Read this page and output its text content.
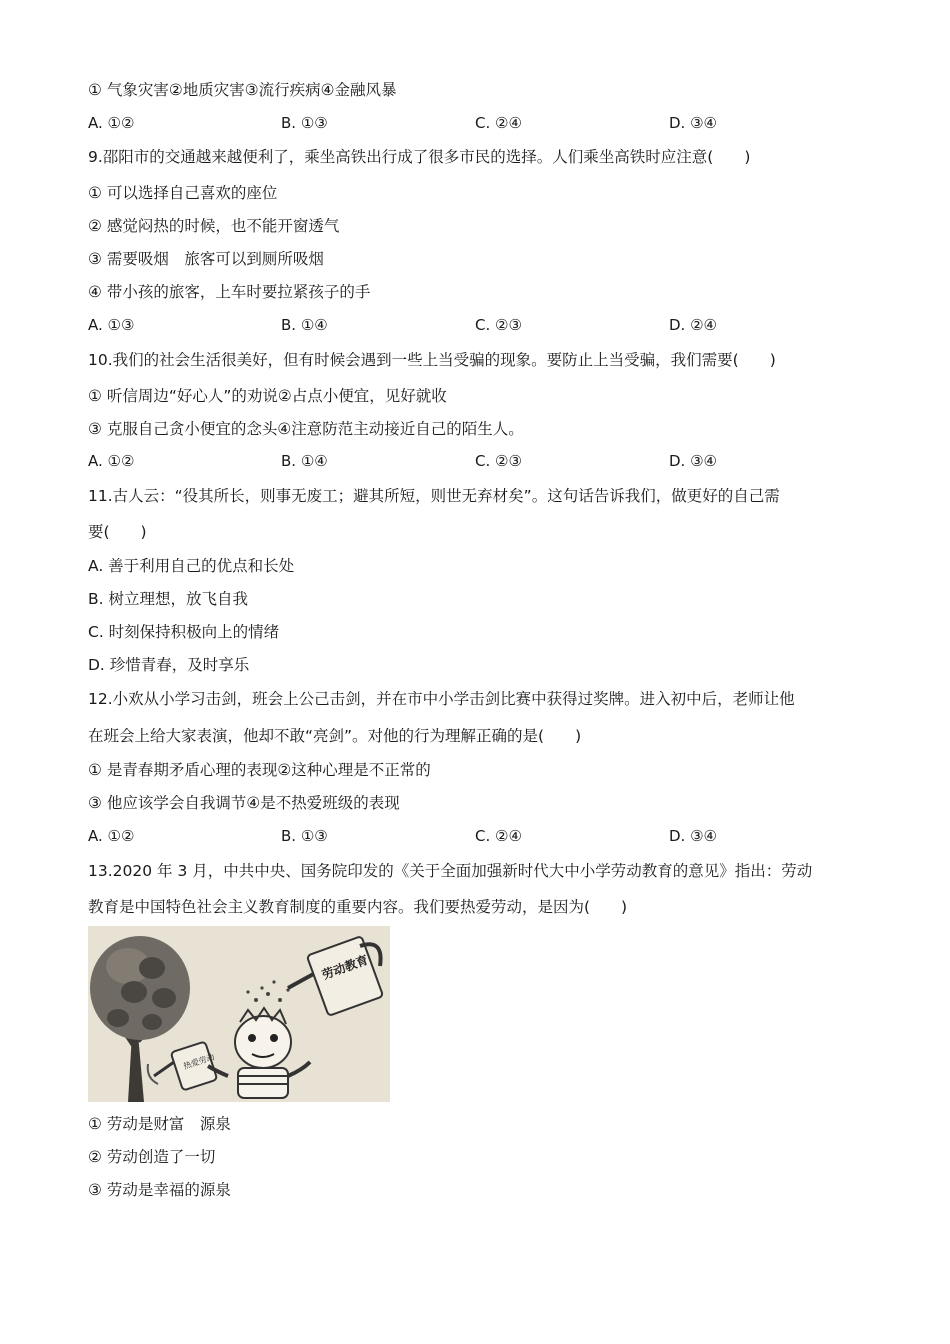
① 气象灾害②地质灾害③流行疾病④金融风暴
A. ①②	B. ①③	C. ②④	D. ③④
9.邵阳市的交通越来越便利了，乘坐高铁出行成了很多市民的选择。人们乘坐高铁时应注意(　　)
① 可以选择自己喜欢的座位
② 感觉闷热的时候，也不能开窗透气
③ 需要吸烟　旅客可以到厕所吸烟
④ 带小孩的旅客，上车时要拉紧孩子的手
A. ①③	B. ①④	C. ②③	D. ②④
10.我们的社会生活很美好，但有时候会遇到一些上当受骗的现象。要防止上当受骗，我们需要(　　)
① 听信周边“好心人”的劝说②占点小便宜，见好就收
③ 克服自己贪小便宜的念头④注意防范主动接近自己的陌生人。
A. ①②	B. ①④	C. ②③	D. ③④
11.古人云：“役其所长，则事无废工；避其所短，则世无弃材矣”。这句话告诉我们，做更好的自己需
要(　　)
A. 善于利用自己的优点和长处
B. 树立理想，放飞自我
C. 时刻保持积极向上的情绪
D. 珍惜青春，及时享乐
12.小欢从小学习击剑，班会上公己击剑，并在市中小学击剑比赛中获得过奖牌。进入初中后，老师让他
在班会上给大家表演，他却不敢“亮剑”。对他的行为理解正确的是(　　)
① 是青春期矛盾心理的表现②这种心理是不正常的
③ 他应该学会自我调节④是不热爱班级的表现
A. ①②	B. ①③	C. ②④	D. ③④
13.2020 年 3 月，中共中央、国务院印发的《关于全面加强新时代大中小学劳动教育的意见》指出：劳动
教育是中国特色社会主义教育制度的重要内容。我们要热爱劳动，是因为(　　)
热爱劳动
劳动教育
① 劳动是财富　源泉
② 劳动创造了一切
③ 劳动是幸福的源泉
